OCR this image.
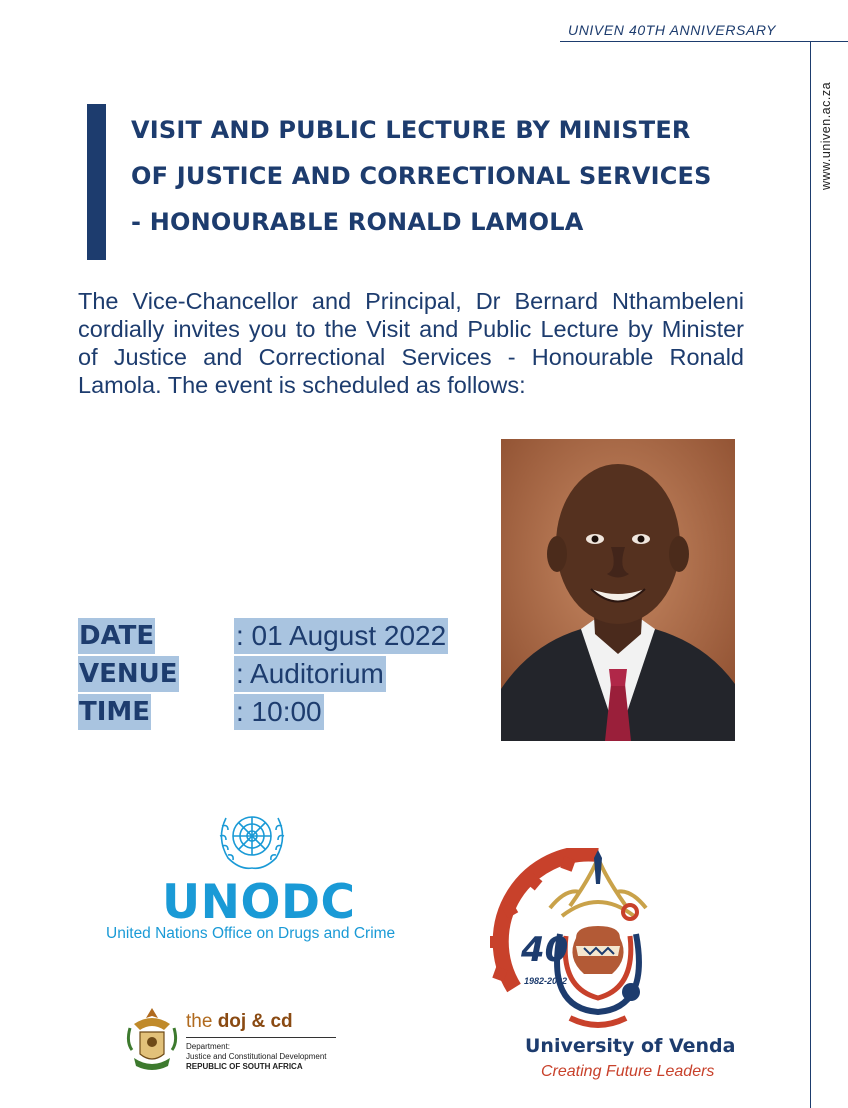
UNIVEN 40TH ANNIVERSARY
www.univen.ac.za
VISIT AND PUBLIC LECTURE BY MINISTER
OF JUSTICE AND CORRECTIONAL SERVICES
- HONOURABLE RONALD LAMOLA
The Vice-Chancellor and Principal, Dr Bernard Nthambeleni cordially invites you to the Visit and Public Lecture by Minister of Justice and Correctional Services - Honourable Ronald Lamola. The event is scheduled as follows:
DATE	: 01 August 2022
VENUE : Auditorium
TIME	: 10:00
UNODC
United Nations Office on Drugs and Crime
the doj & cd
Department:
Justice and Constitutional Development
REPUBLIC OF SOUTH AFRICA
40
1982-2022
University of Venda
Creating Future Leaders
